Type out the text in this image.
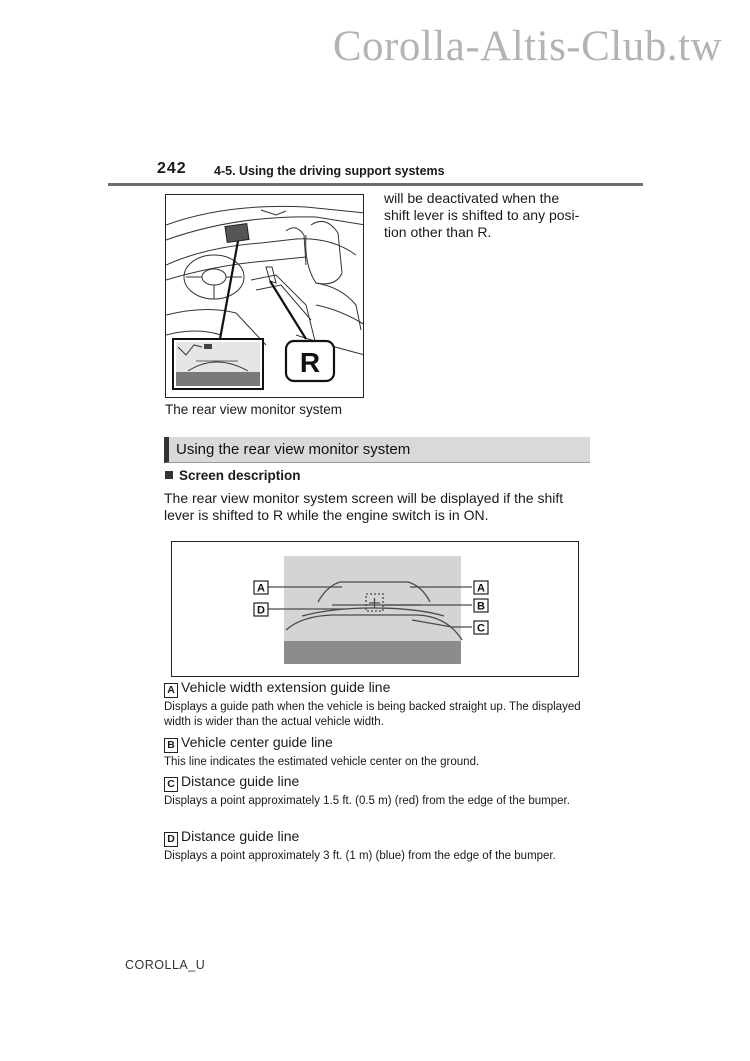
Corolla-Altis-Club.tw
242 4-5. Using the driving support systems
R
will be deactivated when the shift lever is shifted to any posi-tion other than R.
The rear view monitor system
Using the rear view monitor system
Screen description
The rear view monitor system screen will be displayed if the shift lever is shifted to R while the engine switch is in ON.
A
D
A
B
C
A Vehicle width extension guide line
Displays a guide path when the vehicle is being backed straight up. The displayed width is wider than the actual vehicle width.
B Vehicle center guide line
This line indicates the estimated vehicle center on the ground.
C Distance guide line
Displays a point approximately 1.5 ft. (0.5 m) (red) from the edge of the bumper.
D Distance guide line
Displays a point approximately 3 ft. (1 m) (blue) from the edge of the bumper.
COROLLA_U
